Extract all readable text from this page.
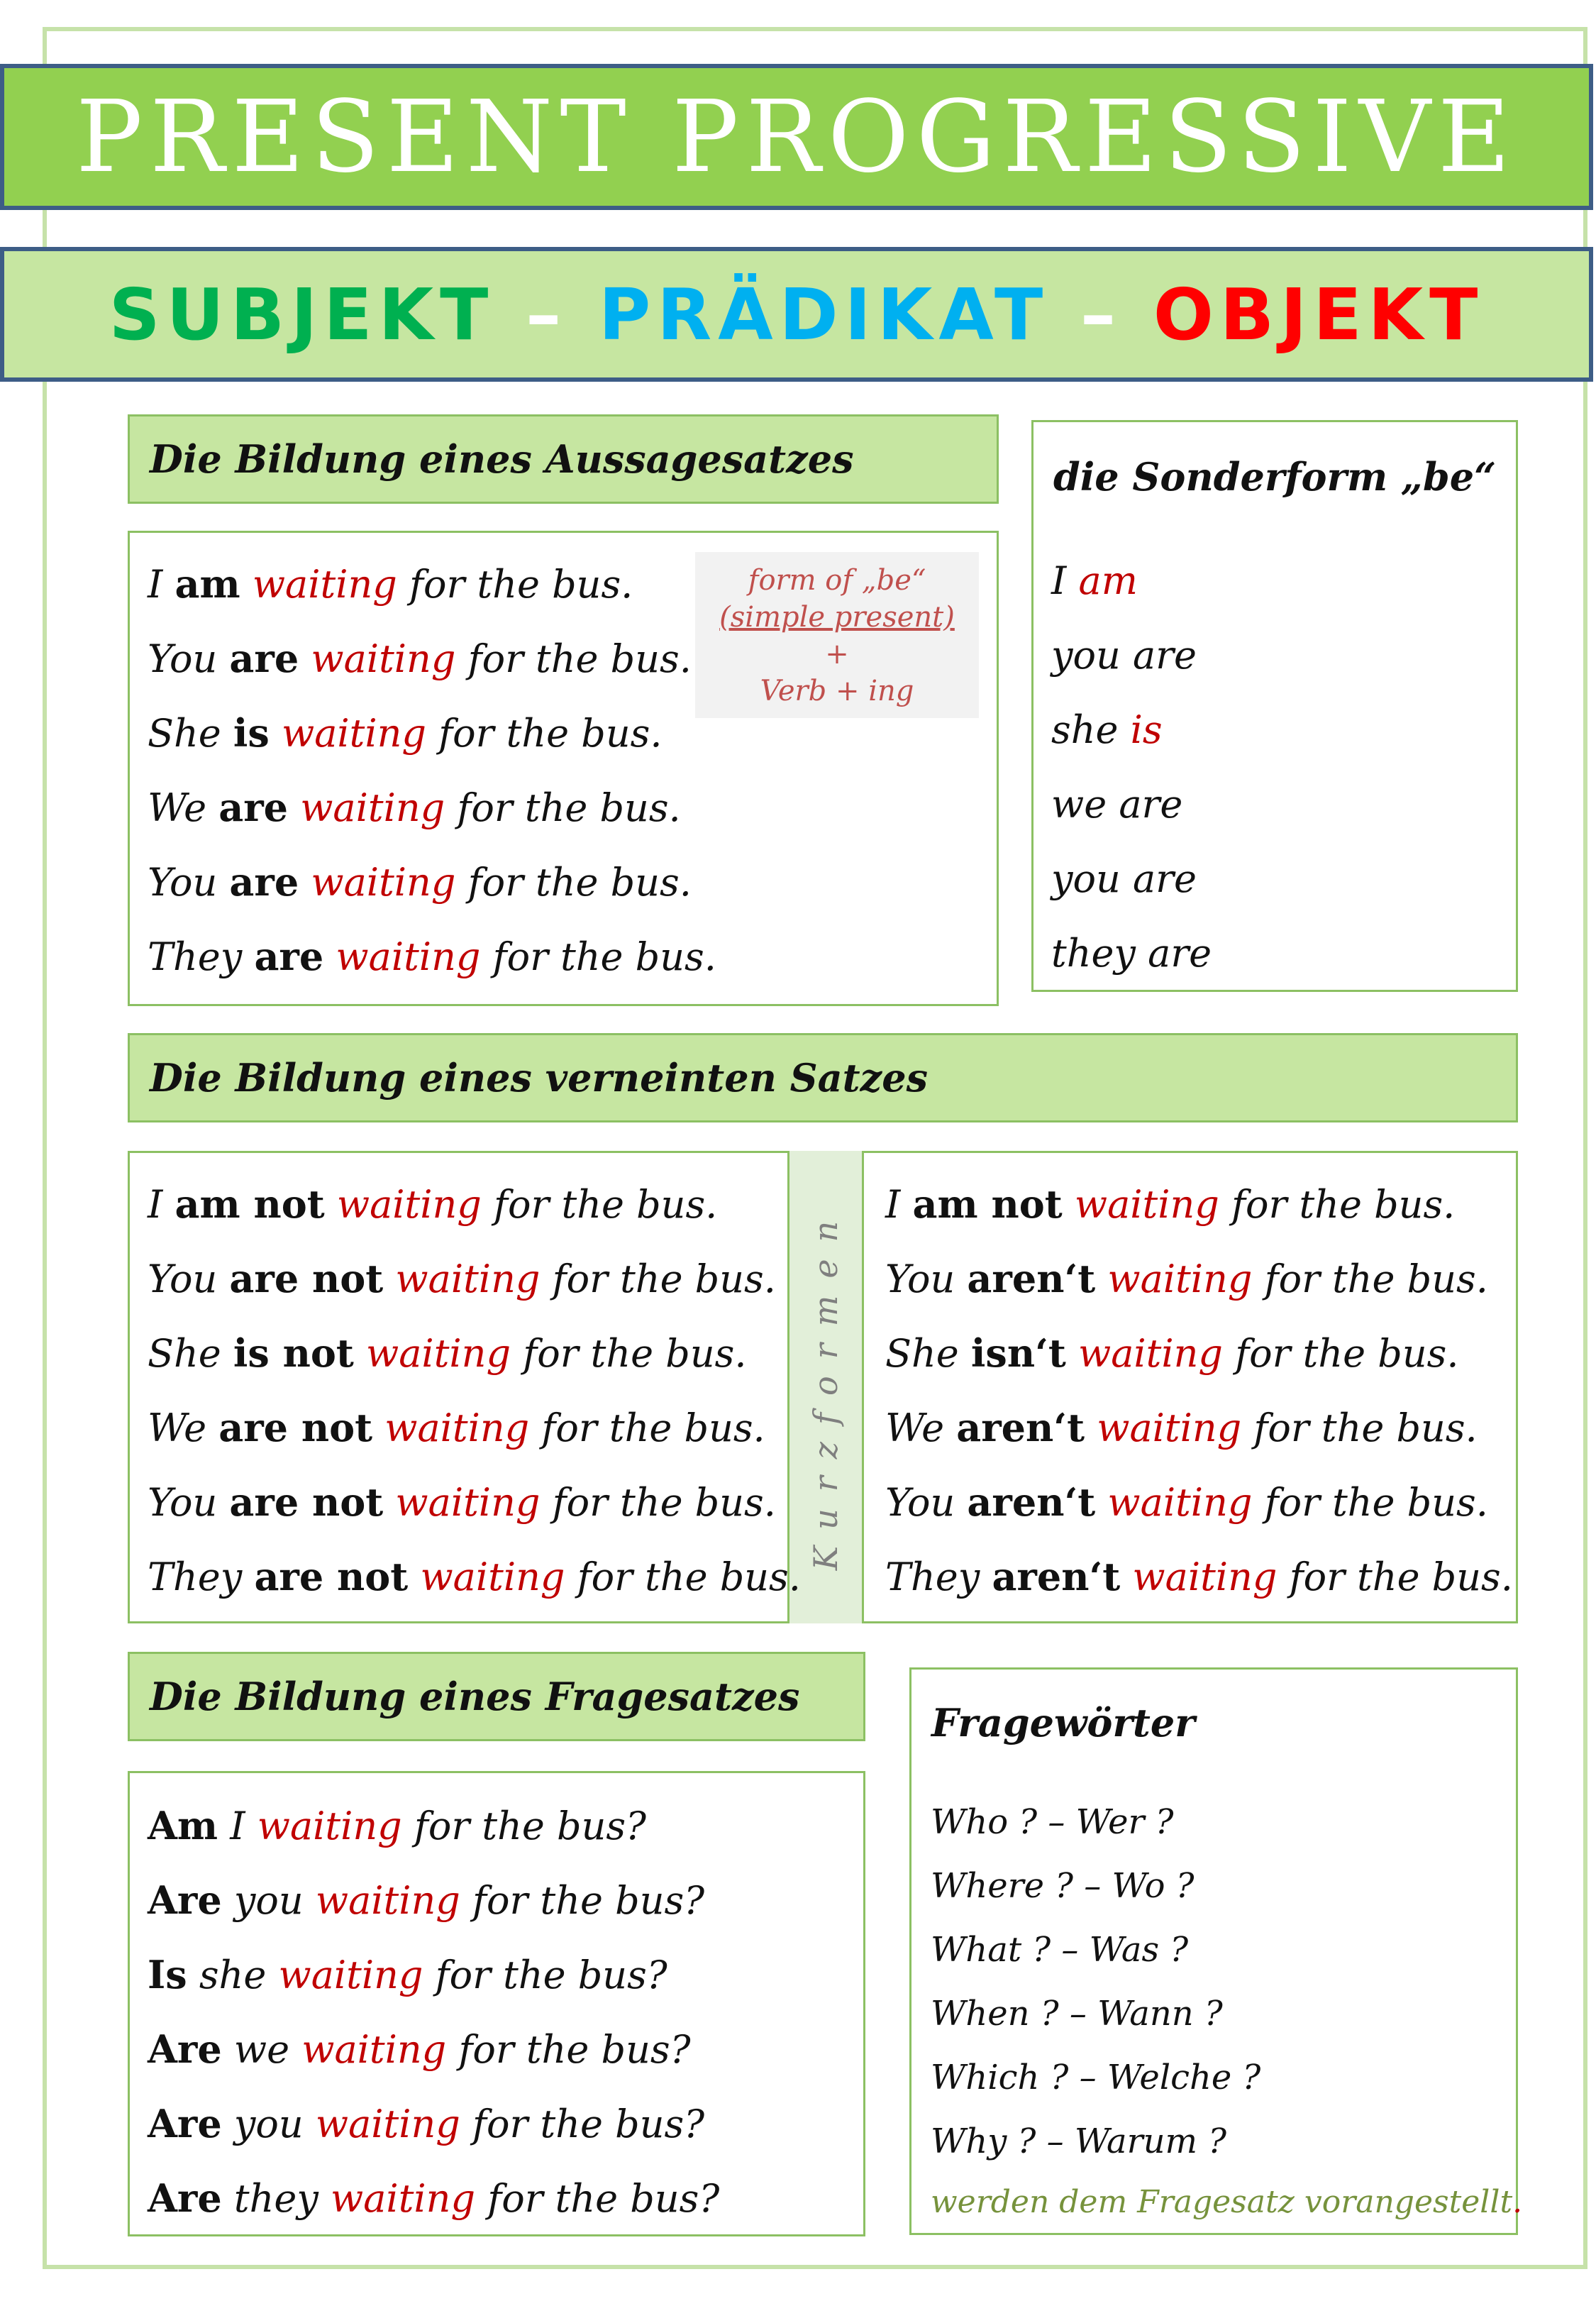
PRESENT PROGRESSIVE
SUBJEKT – PRÄDIKAT – OBJEKT
Die Bildung eines Aussagesatzes
I am waiting for the bus.
You are waiting for the bus.
She is waiting for the bus.
We are waiting for the bus.
You are waiting for the bus.
They are waiting for the bus.
form of „be“
(simple present)
+
Verb + ing
die Sonderform „be“
I am
you are
she is
we are
you are
they are
Die Bildung eines verneinten Satzes
Kurzformen
I am not waiting for the bus.
You are not waiting for the bus.
She is not waiting for the bus.
We are not waiting for the bus.
You are not waiting for the bus.
They are not waiting for the bus.
I am not waiting for the bus.
You aren‘t waiting for the bus.
She isn‘t waiting for the bus.
We aren‘t waiting for the bus.
You aren‘t waiting for the bus.
They aren‘t waiting for the bus.
Die Bildung eines Fragesatzes
Am I waiting for the bus?
Are you waiting for the bus?
Is she waiting for the bus?
Are we waiting for the bus?
Are you waiting for the bus?
Are they waiting for the bus?
Fragewörter
Who ? – Wer ?
Where ? – Wo ?
What ? – Was ?
When ? – Wann ?
Which ? – Welche ?
Why ? – Warum ?
werden dem Fragesatz vorangestellt.
